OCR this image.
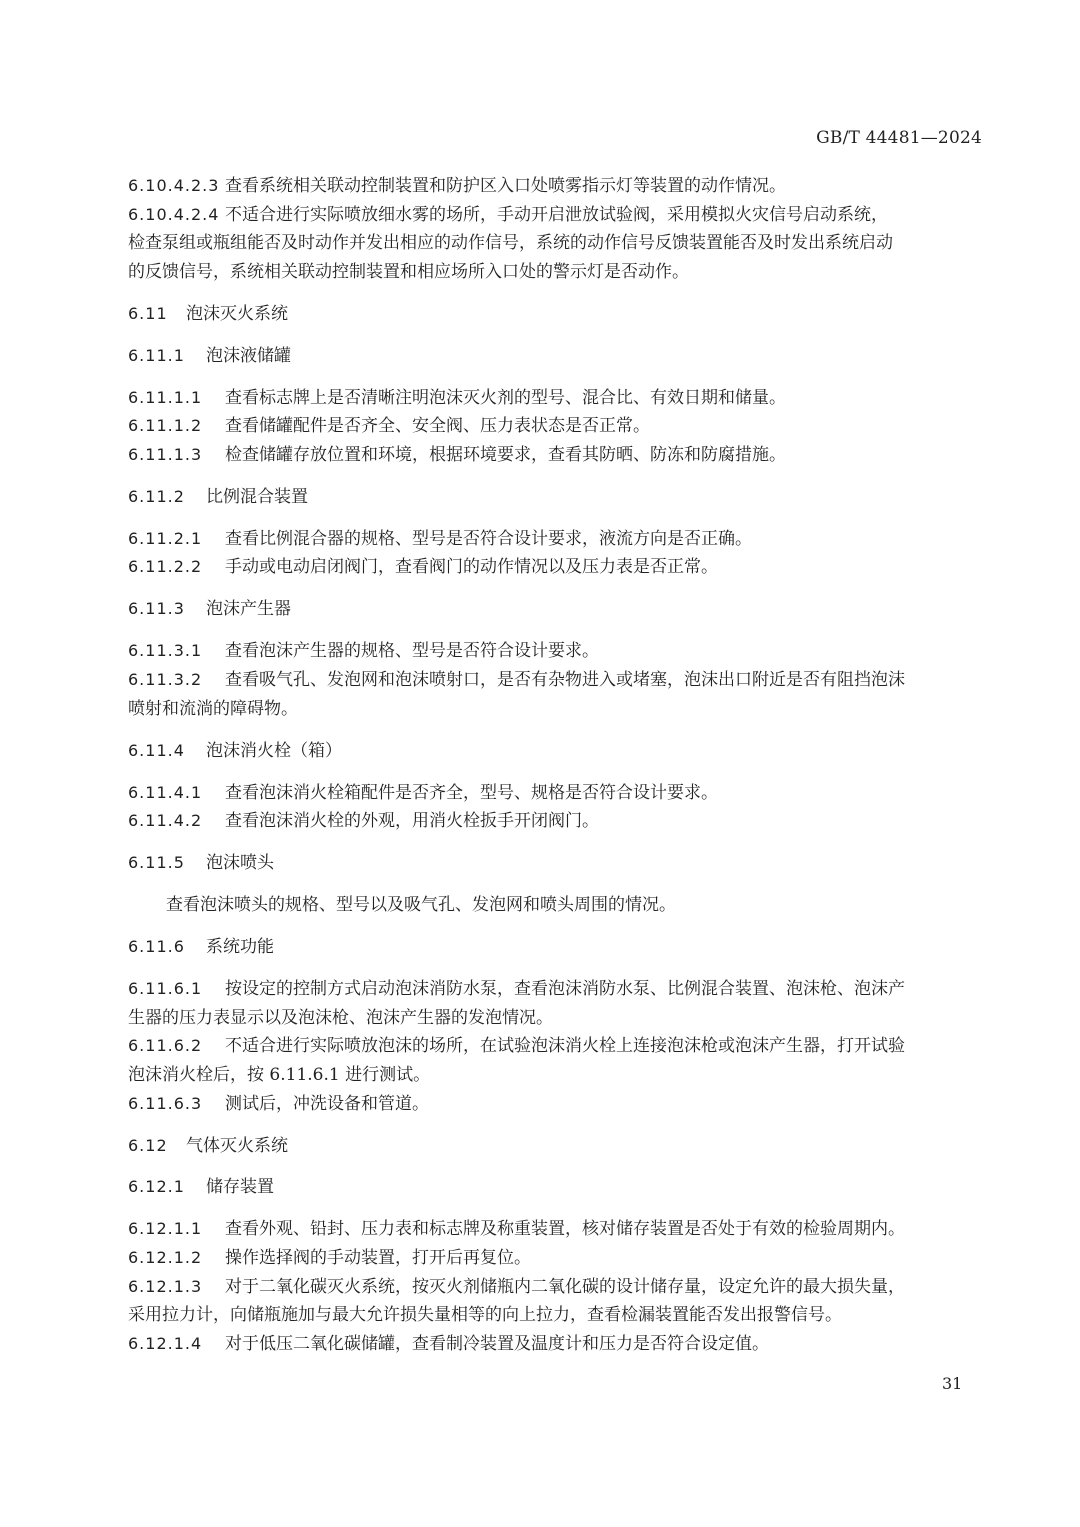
GB/T 44481—2024
6.10.4.2.3 查看系统相关联动控制装置和防护区入口处喷雾指示灯等装置的动作情况。
6.10.4.2.4 不适合进行实际喷放细水雾的场所，手动开启泄放试验阀，采用模拟火灾信号启动系统，
检查泵组或瓶组能否及时动作并发出相应的动作信号，系统的动作信号反馈装置能否及时发出系统启动
的反馈信号，系统相关联动控制装置和相应场所入口处的警示灯是否动作。
6.11 泡沫灭火系统
6.11.1 泡沫液储罐
6.11.1.1 查看标志牌上是否清晰注明泡沫灭火剂的型号、混合比、有效日期和储量。
6.11.1.2 查看储罐配件是否齐全、安全阀、压力表状态是否正常。
6.11.1.3 检查储罐存放位置和环境，根据环境要求，查看其防晒、防冻和防腐措施。
6.11.2 比例混合装置
6.11.2.1 查看比例混合器的规格、型号是否符合设计要求，液流方向是否正确。
6.11.2.2 手动或电动启闭阀门，查看阀门的动作情况以及压力表是否正常。
6.11.3 泡沫产生器
6.11.3.1 查看泡沫产生器的规格、型号是否符合设计要求。
6.11.3.2 查看吸气孔、发泡网和泡沫喷射口，是否有杂物进入或堵塞，泡沫出口附近是否有阻挡泡沫
喷射和流淌的障碍物。
6.11.4 泡沫消火栓（箱）
6.11.4.1 查看泡沫消火栓箱配件是否齐全，型号、规格是否符合设计要求。
6.11.4.2 查看泡沫消火栓的外观，用消火栓扳手开闭阀门。
6.11.5 泡沫喷头
查看泡沫喷头的规格、型号以及吸气孔、发泡网和喷头周围的情况。
6.11.6 系统功能
6.11.6.1 按设定的控制方式启动泡沫消防水泵，查看泡沫消防水泵、比例混合装置、泡沫枪、泡沫产
生器的压力表显示以及泡沫枪、泡沫产生器的发泡情况。
6.11.6.2 不适合进行实际喷放泡沫的场所，在试验泡沫消火栓上连接泡沫枪或泡沫产生器，打开试验
泡沫消火栓后，按 6.11.6.1 进行测试。
6.11.6.3 测试后，冲洗设备和管道。
6.12 气体灭火系统
6.12.1 储存装置
6.12.1.1 查看外观、铅封、压力表和标志牌及称重装置，核对储存装置是否处于有效的检验周期内。
6.12.1.2 操作选择阀的手动装置，打开后再复位。
6.12.1.3 对于二氧化碳灭火系统，按灭火剂储瓶内二氧化碳的设计储存量，设定允许的最大损失量，
采用拉力计，向储瓶施加与最大允许损失量相等的向上拉力，查看检漏装置能否发出报警信号。
6.12.1.4 对于低压二氧化碳储罐，查看制冷装置及温度计和压力是否符合设定值。
31
